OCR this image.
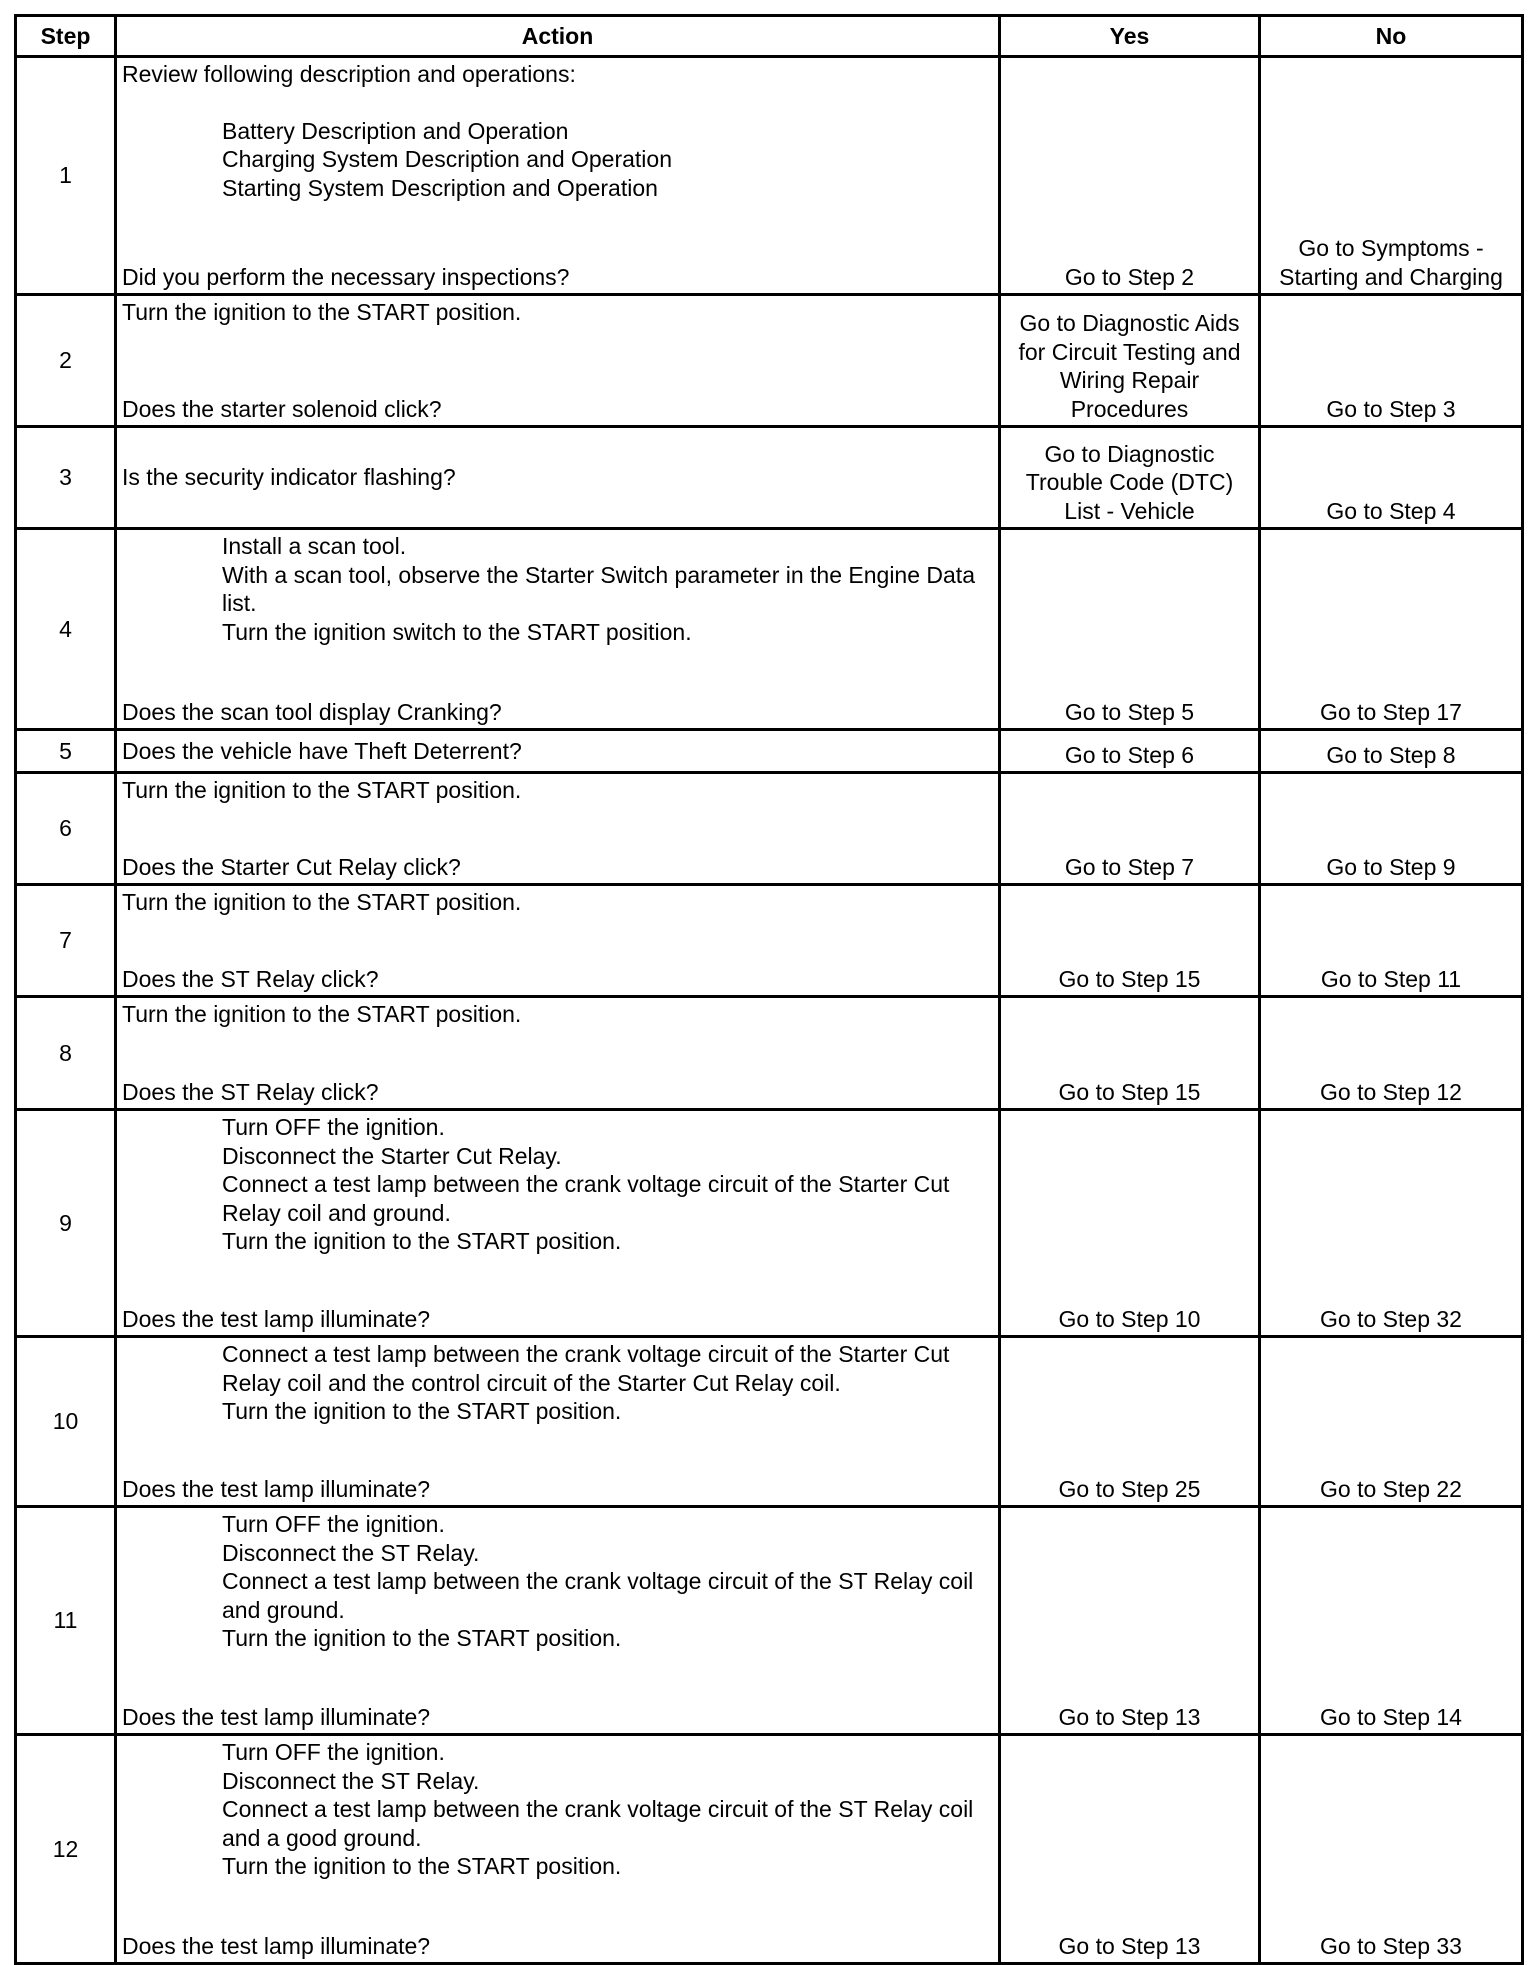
Step	Action	Yes	No
1	Review following description and operations:
Battery Description and Operation
Charging System Description and Operation
Starting System Description and Operation
Did you perform the necessary inspections?	Go to Step 2	Go to Symptoms - Starting and Charging
2	Turn the ignition to the START position.
Does the starter solenoid click?	Go to Diagnostic Aids for Circuit Testing and Wiring Repair Procedures	Go to Step 3
3	Is the security indicator flashing?	Go to Diagnostic Trouble Code (DTC) List - Vehicle	Go to Step 4
4	Install a scan tool.
With a scan tool, observe the Starter Switch parameter in the Engine Data list.
Turn the ignition switch to the START position.
Does the scan tool display Cranking?	Go to Step 5	Go to Step 17
5	Does the vehicle have Theft Deterrent?	Go to Step 6	Go to Step 8
6	Turn the ignition to the START position.
Does the Starter Cut Relay click?	Go to Step 7	Go to Step 9
7	Turn the ignition to the START position.
Does the ST Relay click?	Go to Step 15	Go to Step 11
8	Turn the ignition to the START position.
Does the ST Relay click?	Go to Step 15	Go to Step 12
9	Turn OFF the ignition.
Disconnect the Starter Cut Relay.
Connect a test lamp between the crank voltage circuit of the Starter Cut Relay coil and ground.
Turn the ignition to the START position.
Does the test lamp illuminate?	Go to Step 10	Go to Step 32
10	Connect a test lamp between the crank voltage circuit of the Starter Cut Relay coil and the control circuit of the Starter Cut Relay coil.
Turn the ignition to the START position.
Does the test lamp illuminate?	Go to Step 25	Go to Step 22
11	Turn OFF the ignition.
Disconnect the ST Relay.
Connect a test lamp between the crank voltage circuit of the ST Relay coil and ground.
Turn the ignition to the START position.
Does the test lamp illuminate?	Go to Step 13	Go to Step 14
12	Turn OFF the ignition.
Disconnect the ST Relay.
Connect a test lamp between the crank voltage circuit of the ST Relay coil and a good ground.
Turn the ignition to the START position.
Does the test lamp illuminate?	Go to Step 13	Go to Step 33
